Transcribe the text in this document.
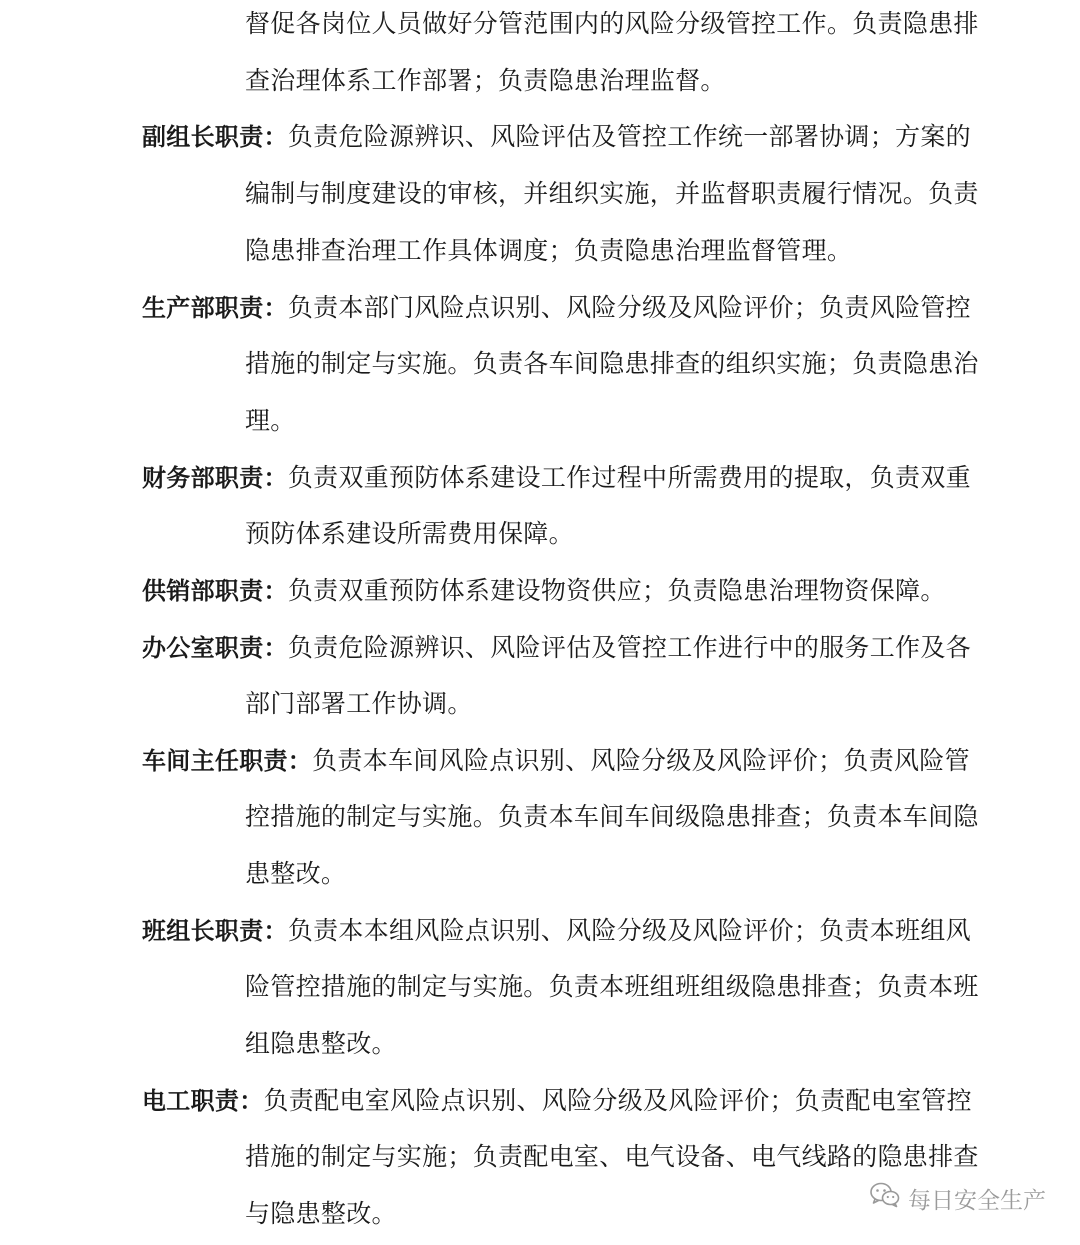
督促各岗位人员做好分管范围内的风险分级管控工作。负责隐患排
查治理体系工作部署；负责隐患治理监督。
副组长职责：负责危险源辨识、风险评估及管控工作统一部署协调；方案的
编制与制度建设的审核，并组织实施，并监督职责履行情况。负责
隐患排查治理工作具体调度；负责隐患治理监督管理。
生产部职责：负责本部门风险点识别、风险分级及风险评价；负责风险管控
措施的制定与实施。负责各车间隐患排查的组织实施；负责隐患治
理。
财务部职责：负责双重预防体系建设工作过程中所需费用的提取，负责双重
预防体系建设所需费用保障。
供销部职责：负责双重预防体系建设物资供应；负责隐患治理物资保障。
办公室职责：负责危险源辨识、风险评估及管控工作进行中的服务工作及各
部门部署工作协调。
车间主任职责：负责本车间风险点识别、风险分级及风险评价；负责风险管
控措施的制定与实施。负责本车间车间级隐患排查；负责本车间隐
患整改。
班组长职责：负责本本组风险点识别、风险分级及风险评价；负责本班组风
险管控措施的制定与实施。负责本班组班组级隐患排查；负责本班
组隐患整改。
电工职责：负责配电室风险点识别、风险分级及风险评价；负责配电室管控
措施的制定与实施；负责配电室、电气设备、电气线路的隐患排查
与隐患整改。	每日安全生产
